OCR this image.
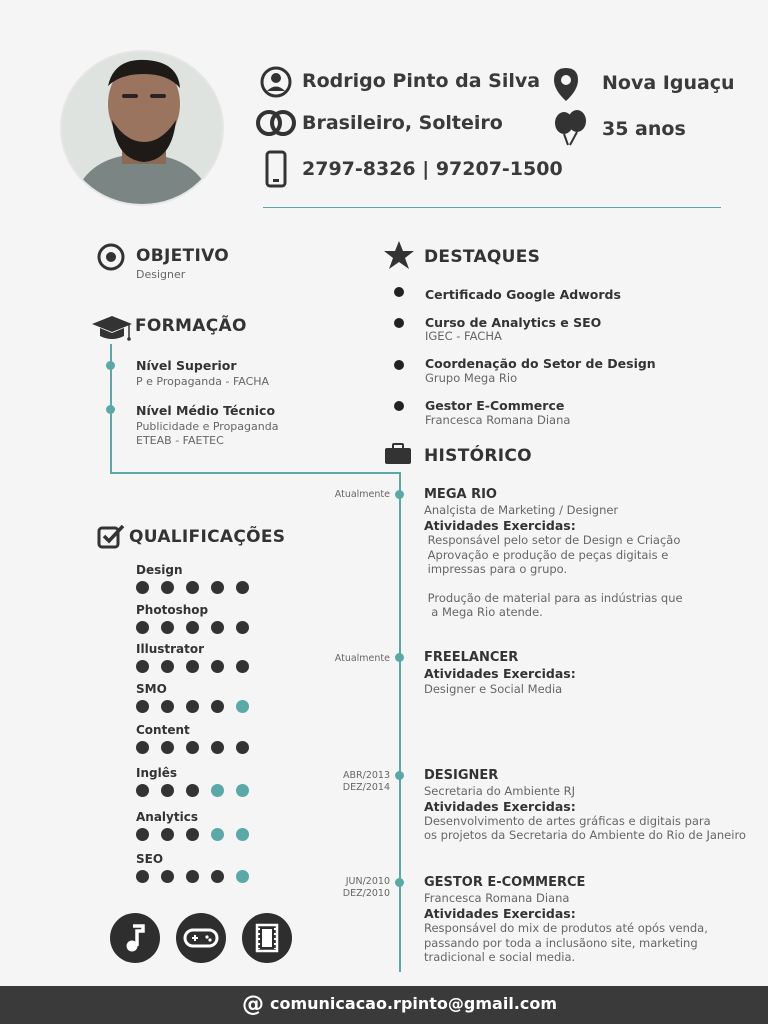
Rodrigo Pinto da Silva
Brasileiro, Solteiro
2797-8326 | 97207-1500
Nova Iguaçu
35 anos
OBJETIVO
Designer
FORMAÇÃO
Nível Superior
P e Propaganda - FACHA
Nível Médio Técnico
Publicidade e Propaganda
ETEAB - FAETEC
QUALIFICAÇÕES
Design
Photoshop
Illustrator
SMO
Content
Inglês
Analytics
SEO
DESTAQUES
Certificado Google Adwords
Curso de Analytics e SEO
IGEC - FACHA
Coordenação do Setor de Design
Grupo Mega Rio
Gestor E-Commerce
Francesca Romana Diana
HISTÓRICO
Atualmente	MEGA RIO
Analçista de Marketing / Designer
Atividades Exercidas:
Responsável pelo setor de Design e Criação
Aprovação e produção de peças digitais e
impressas para o grupo.
Produção de material para as indústrias que
a Mega Rio atende.
Atualmente	FREELANCER
Atividades Exercidas:
Designer e Social Media
ABR/2013
DEZ/2014
DESIGNER
Secretaria do Ambiente RJ
Atividades Exercidas:
Desenvolvimento de artes gráficas e digitais para
os projetos da Secretaria do Ambiente do Rio de Janeiro
JUN/2010
DEZ/2010
GESTOR E-COMMERCE
Francesca Romana Diana
Atividades Exercidas:
Responsável do mix de produtos até opós venda,
passando por toda a inclusãono site, marketing
tradicional e social media.
@ comunicacao.rpinto@gmail.com
